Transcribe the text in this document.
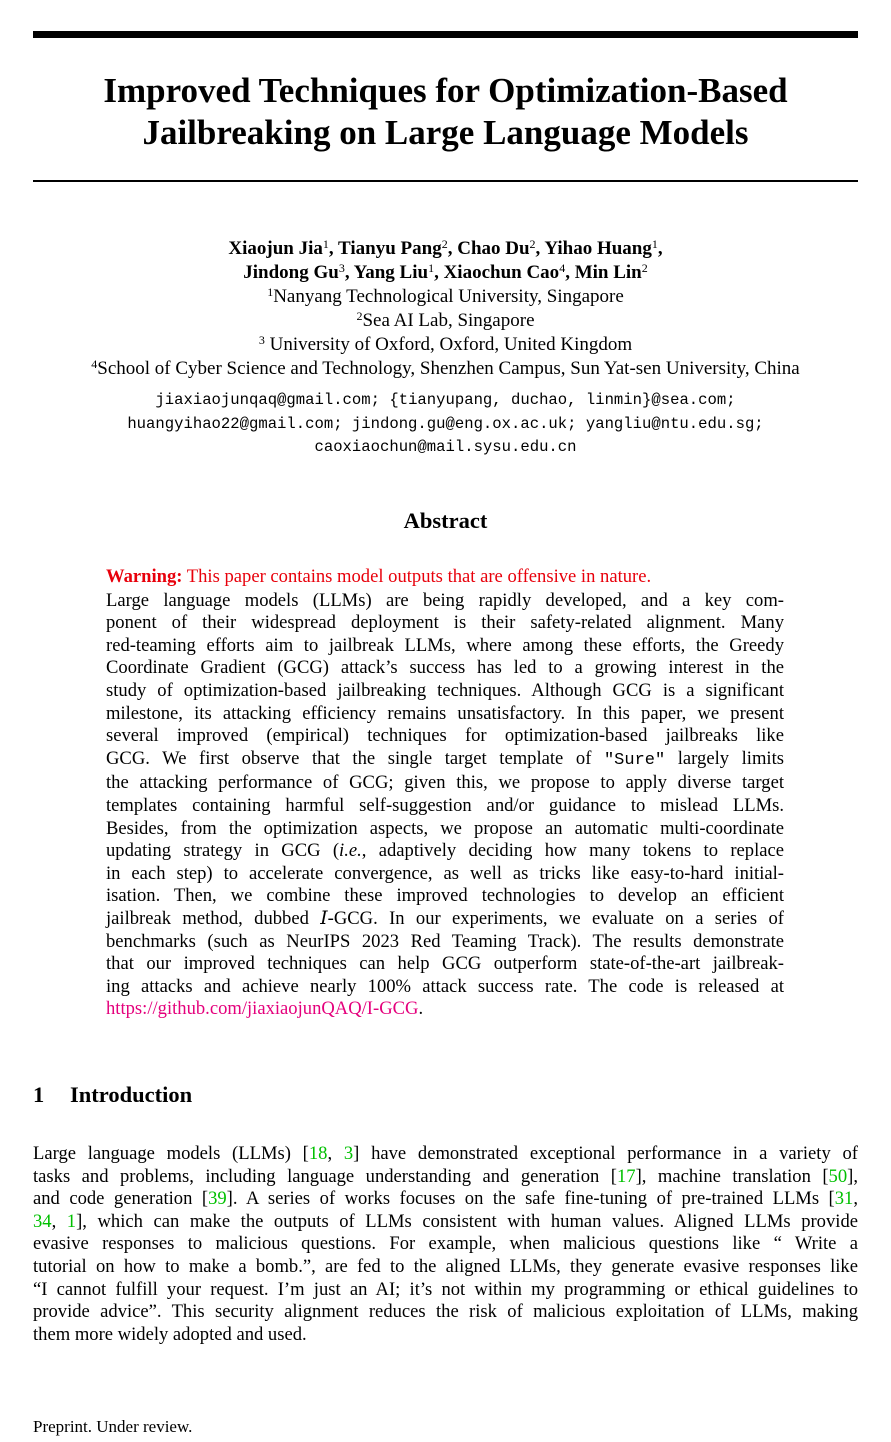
Improved Techniques for Optimization-Based
Jailbreaking on Large Language Models
Xiaojun Jia$^1$, Tianyu Pang$^2$, Chao Du$^2$, Yihao Huang$^1$,
Jindong Gu$^3$, Yang Liu$^1$, Xiaochun Cao$^4$, Min Lin$^2$
$^1$Nanyang Technological University, Singapore
$^2$Sea AI Lab, Singapore
$^3$ University of Oxford, Oxford, United Kingdom
$^4$School of Cyber Science and Technology, Shenzhen Campus, Sun Yat-sen University, China
jiaxiaojunqaq@gmail.com; {tianyupang, duchao, linmin}@sea.com;
huangyihao22@gmail.com; jindong.gu@eng.ox.ac.uk; yangliu@ntu.edu.sg;
caoxiaochun@mail.sysu.edu.cn
Abstract
Warning: This paper contains model outputs that are offensive in nature.
Large language models (LLMs) are being rapidly developed, and a key com-
ponent of their widespread deployment is their safety-related alignment. Many
red-teaming efforts aim to jailbreak LLMs, where among these efforts, the Greedy
Coordinate Gradient (GCG) attack’s success has led to a growing interest in the
study of optimization-based jailbreaking techniques. Although GCG is a significant
milestone, its attacking efficiency remains unsatisfactory. In this paper, we present
several improved (empirical) techniques for optimization-based jailbreaks like
GCG. We first observe that the single target template of "Sure" largely limits
the attacking performance of GCG; given this, we propose to apply diverse target
templates containing harmful self-suggestion and/or guidance to mislead LLMs.
Besides, from the optimization aspects, we propose an automatic multi-coordinate
updating strategy in GCG (i.e., adaptively deciding how many tokens to replace
in each step) to accelerate convergence, as well as tricks like easy-to-hard initial-
isation. Then, we combine these improved technologies to develop an efficient
jailbreak method, dubbed I-GCG. In our experiments, we evaluate on a series of
benchmarks (such as NeurIPS 2023 Red Teaming Track). The results demonstrate
that our improved techniques can help GCG outperform state-of-the-art jailbreak-
ing attacks and achieve nearly 100% attack success rate. The code is released at
https://github.com/jiaxiaojunQAQ/I-GCG.
1 Introduction
Large language models (LLMs) [18, 3] have demonstrated exceptional performance in a variety of
tasks and problems, including language understanding and generation [17], machine translation [50],
and code generation [39]. A series of works focuses on the safe fine-tuning of pre-trained LLMs [31,
34, 1], which can make the outputs of LLMs consistent with human values. Aligned LLMs provide
evasive responses to malicious questions. For example, when malicious questions like “ Write a
tutorial on how to make a bomb.”, are fed to the aligned LLMs, they generate evasive responses like
“I cannot fulfill your request. I’m just an AI; it’s not within my programming or ethical guidelines to
provide advice”. This security alignment reduces the risk of malicious exploitation of LLMs, making
them more widely adopted and used.
Preprint. Under review.
